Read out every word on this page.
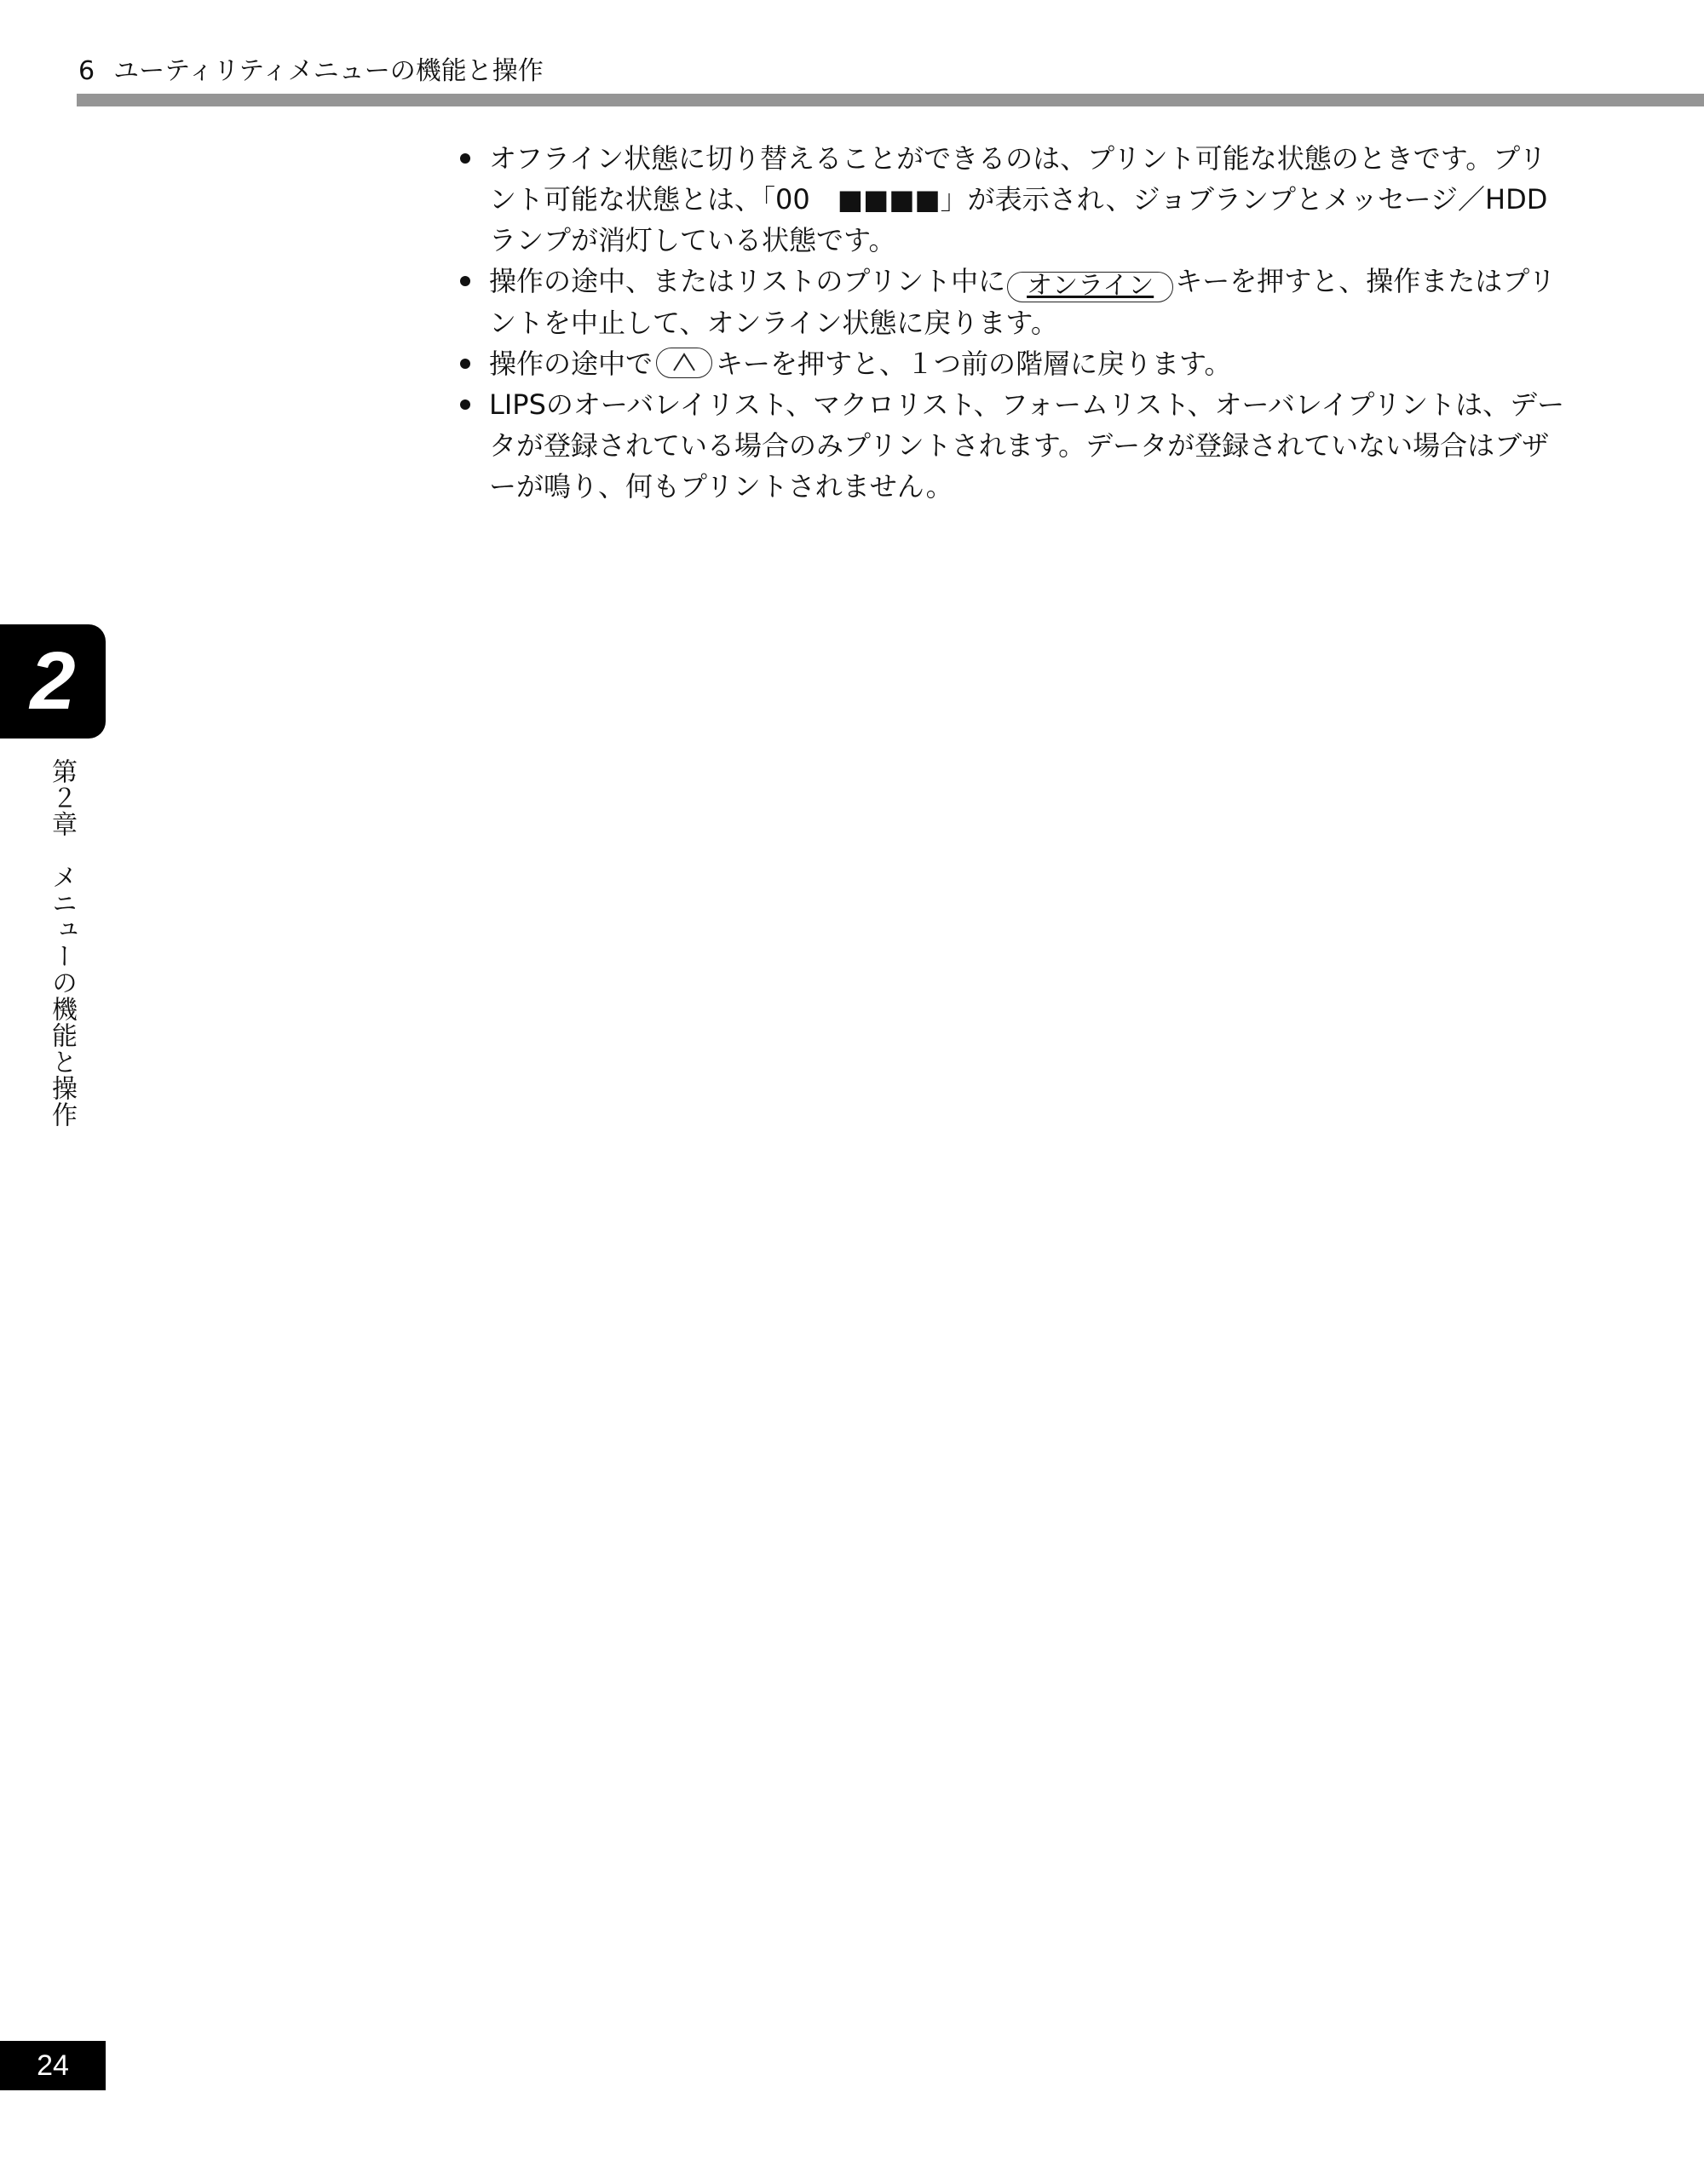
6 ユーティリティメニューの機能と操作
オフライン状態に切り替えることができるのは、プリント可能な状態のときです。プリント可能な状態とは、「00　■■■■」が表示され、ジョブランプとメッセージ／HDDランプが消灯している状態です。
操作の途中、またはリストのプリント中に オンライン キーを押すと、操作またはプリントを中止して、オンライン状態に戻ります。
操作の途中で キーを押すと、１つ前の階層に戻ります。
LIPSのオーバレイリスト、マクロリスト、フォームリスト、オーバレイプリントは、データが登録されている場合のみプリントされます。データが登録されていない場合はブザーが鳴り、何もプリントされません。
2
第２章　メニューの機能と操作
24
